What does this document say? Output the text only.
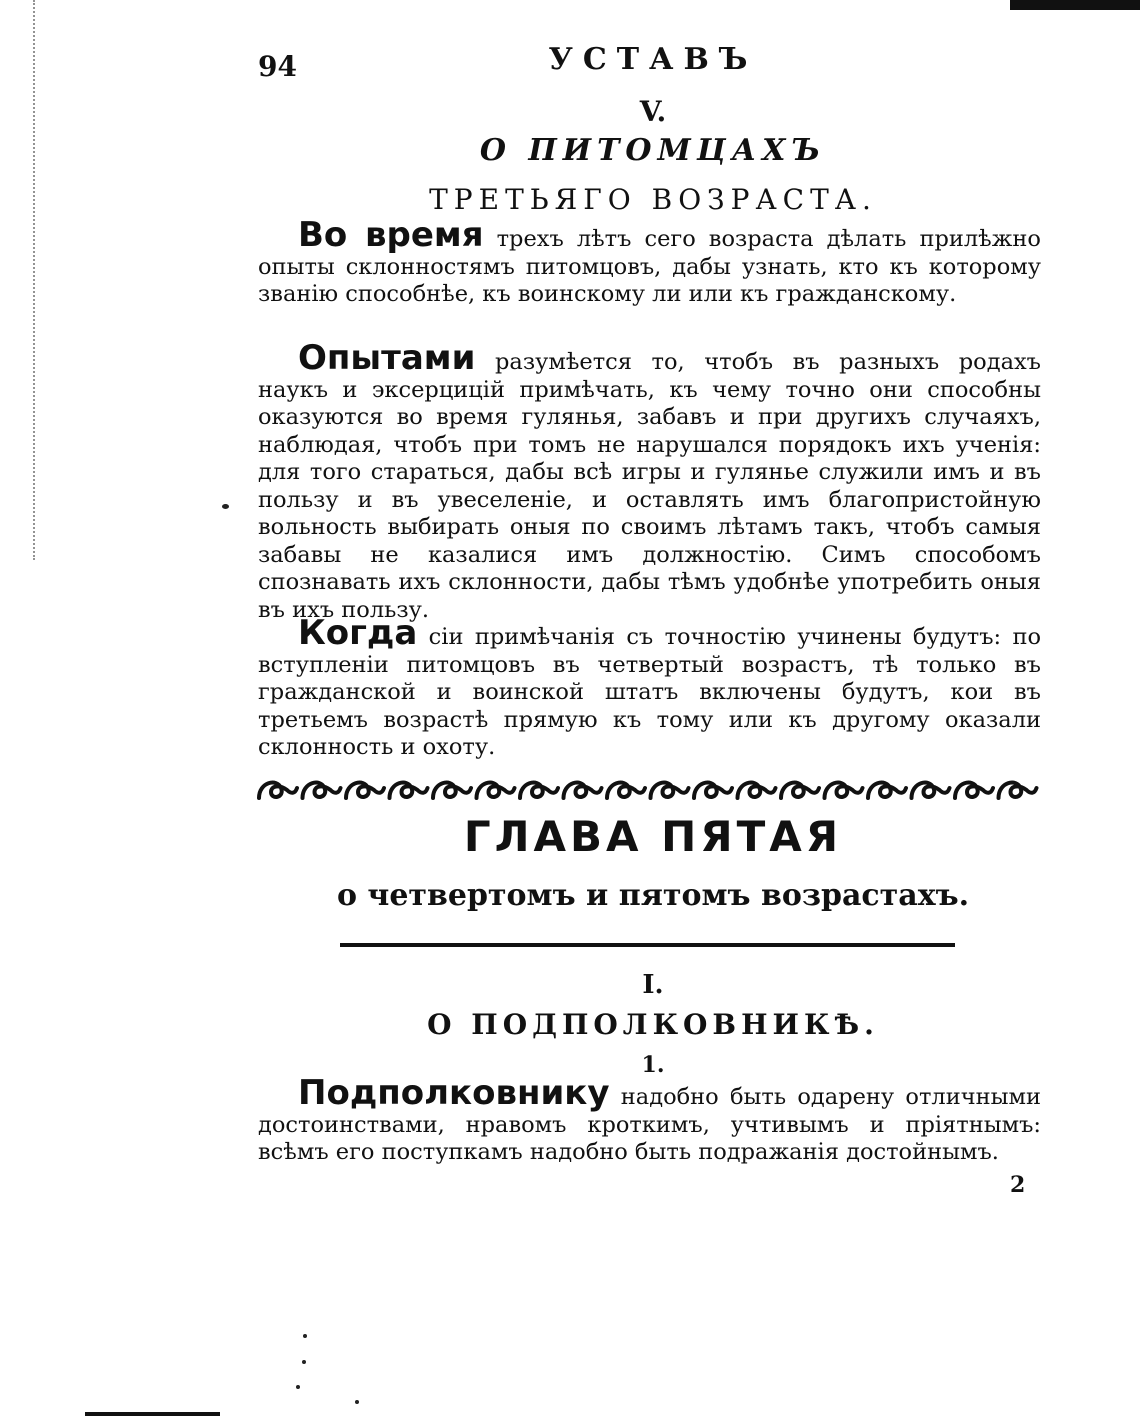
94	УСТАВЪ
V.
О ПИТОМЦАХЪ
ТРЕТЬЯГО ВОЗРАСТА.
Во время трехъ лѣтъ сего возраста дѣлать прилѣжно опыты склонностямъ питомцовъ, дабы узнать, кто къ которому званію способнѣе, къ воинскому ли или къ гражданскому.
Опытами разумѣется то, чтобъ въ разныхъ родахъ наукъ и эксерцицій примѣчать, къ чему точно они способны оказуются во время гулянья, забавъ и при другихъ случаяхъ, наблюдая, чтобъ при томъ не нарушался порядокъ ихъ ученія: для того стараться, дабы всѣ игры и гулянье служили имъ и въ пользу и въ увеселеніе, и оставлять имъ благопристойную вольность выбирать оныя по своимъ лѣтамъ такъ, чтобъ самыя забавы не казалися имъ должностію. Симъ способомъ спознавать ихъ склонности, дабы тѣмъ удобнѣе употребить оныя въ ихъ пользу.
Когда сіи примѣчанія съ точностію учинены будутъ: по вступленіи питомцовъ въ четвертый возрастъ, тѣ только въ гражданской и воинской штатъ включены будутъ, кои въ третьемъ возрастѣ прямую къ тому или къ другому оказали склонность и охоту.
ГЛАВА ПЯТАЯ
о четвертомъ и пятомъ возрастахъ.
I.
О ПОДПОЛКОВНИКѢ.
1.
Подполковнику надобно быть одарену отличными достоинствами, нравомъ кроткимъ, учтивымъ и пріятнымъ: всѣмъ его поступкамъ надобно быть подражанія достойнымъ.
2
